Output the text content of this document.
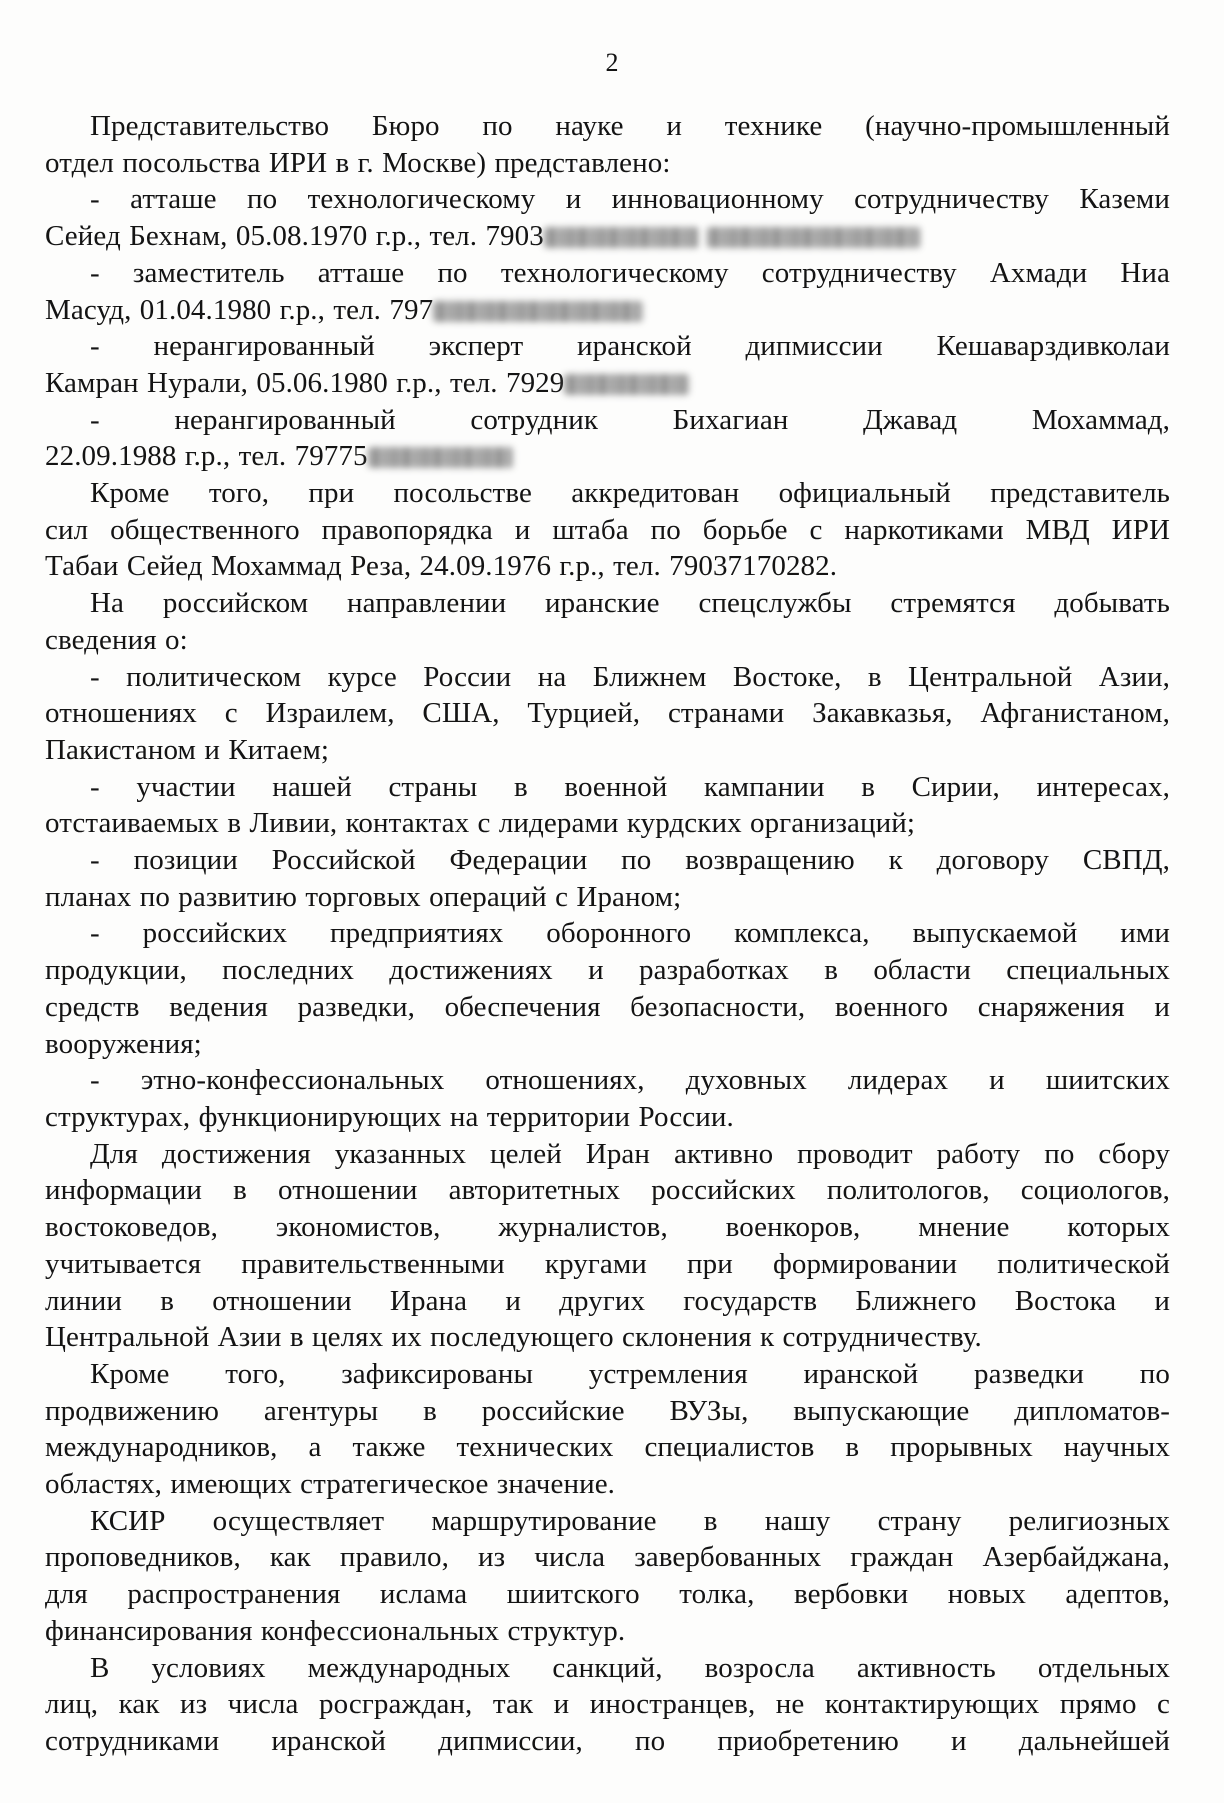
2
Представительство Бюро по науке и технике (научно-промышленный
отдел посольства ИРИ в г. Москве) представлено:
- атташе по технологическому и инновационному сотрудничеству Каземи
Сейед Бехнам, 05.08.1970 г.р., тел. 7903
- заместитель атташе по технологическому сотрудничеству Ахмади Ниа
Масуд, 01.04.1980 г.р., тел. 797
- нерангированный эксперт иранской дипмиссии Кешаварздивколаи
Камран Нурали, 05.06.1980 г.р., тел. 7929
- нерангированный сотрудник Бихагиан Джавад Мохаммад,
22.09.1988 г.р., тел. 79775
Кроме того, при посольстве аккредитован официальный представитель
сил общественного правопорядка и штаба по борьбе с наркотиками МВД ИРИ
Табаи Сейед Мохаммад Реза, 24.09.1976 г.р., тел. 79037170282.
На российском направлении иранские спецслужбы стремятся добывать
сведения о:
- политическом курсе России на Ближнем Востоке, в Центральной Азии,
отношениях с Израилем, США, Турцией, странами Закавказья, Афганистаном,
Пакистаном и Китаем;
- участии нашей страны в военной кампании в Сирии, интересах,
отстаиваемых в Ливии, контактах с лидерами курдских организаций;
- позиции Российской Федерации по возвращению к договору СВПД,
планах по развитию торговых операций с Ираном;
- российских предприятиях оборонного комплекса, выпускаемой ими
продукции, последних достижениях и разработках в области специальных
средств ведения разведки, обеспечения безопасности, военного снаряжения и
вооружения;
- этно-конфессиональных отношениях, духовных лидерах и шиитских
структурах, функционирующих на территории России.
Для достижения указанных целей Иран активно проводит работу по сбору
информации в отношении авторитетных российских политологов, социологов,
востоковедов, экономистов, журналистов, военкоров, мнение которых
учитывается правительственными кругами при формировании политической
линии в отношении Ирана и других государств Ближнего Востока и
Центральной Азии в целях их последующего склонения к сотрудничеству.
Кроме того, зафиксированы устремления иранской разведки по
продвижению агентуры в российские ВУЗы, выпускающие дипломатов-
международников, а также технических специалистов в прорывных научных
областях, имеющих стратегическое значение.
КСИР осуществляет маршрутирование в нашу страну религиозных
проповедников, как правило, из числа завербованных граждан Азербайджана,
для распространения ислама шиитского толка, вербовки новых адептов,
финансирования конфессиональных структур.
В условиях международных санкций, возросла активность отдельных
лиц, как из числа росграждан, так и иностранцев, не контактирующих прямо с
сотрудниками иранской дипмиссии, по приобретению и дальнейшей
